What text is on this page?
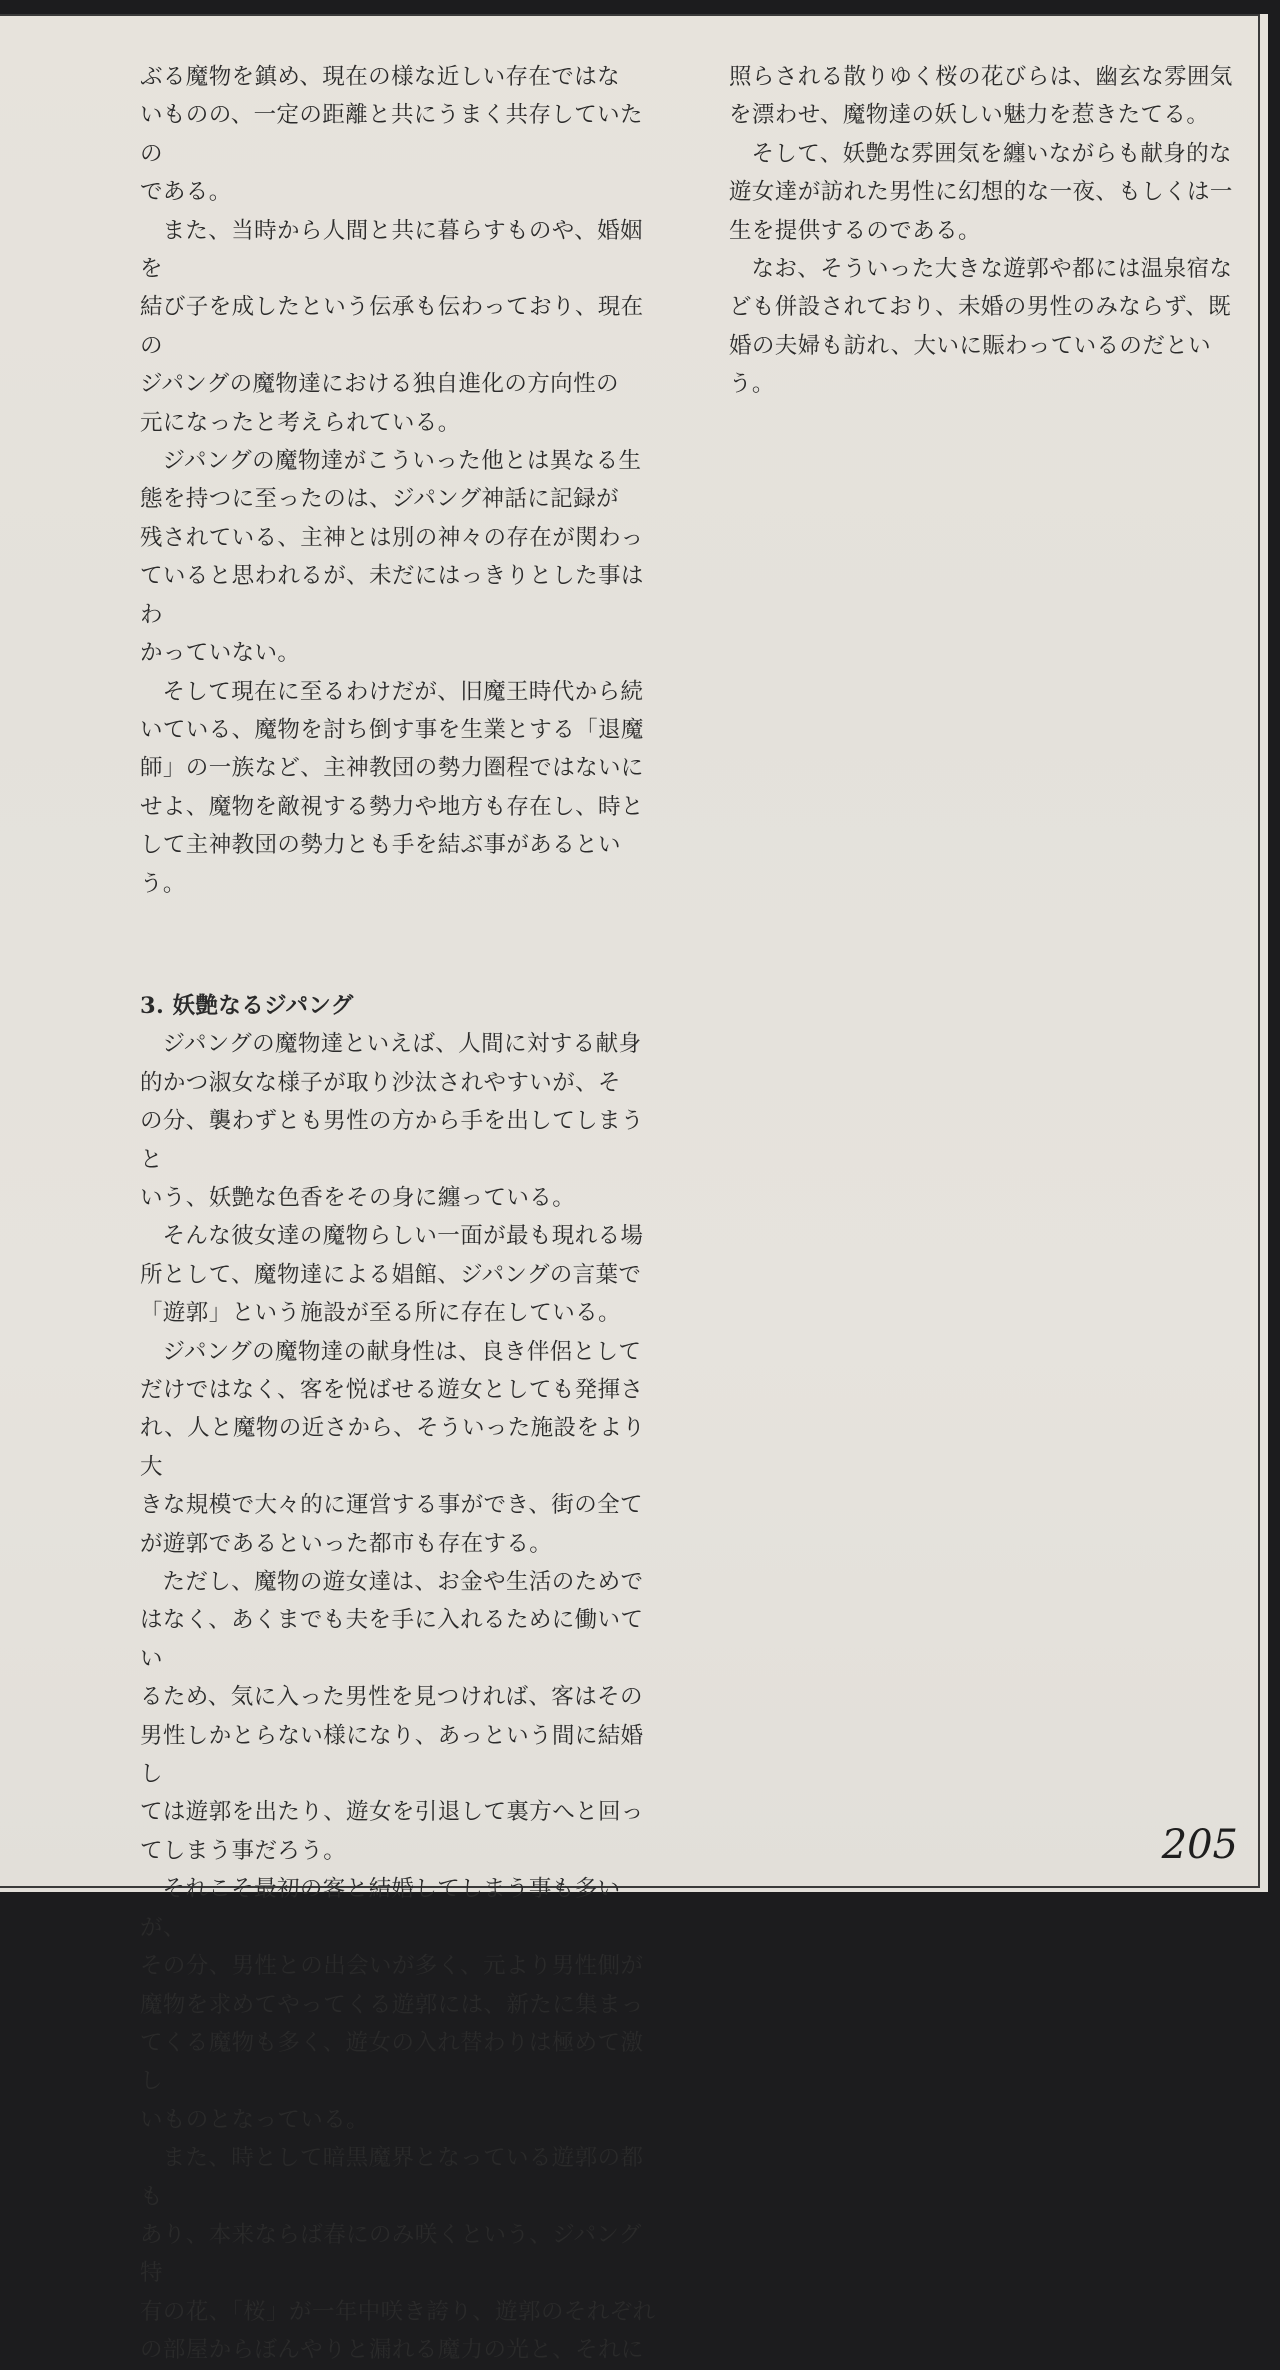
ぶる魔物を鎮め、現在の様な近しい存在ではな
いものの、一定の距離と共にうまく共存していたの
である。

また、当時から人間と共に暮らすものや、婚姻を
結び子を成したという伝承も伝わっており、現在の
ジパングの魔物達における独自進化の方向性の
元になったと考えられている。

ジパングの魔物達がこういった他とは異なる生
態を持つに至ったのは、ジパング神話に記録が
残されている、主神とは別の神々の存在が関わっ
ていると思われるが、未だにはっきりとした事はわ
かっていない。

そして現在に至るわけだが、旧魔王時代から続
いている、魔物を討ち倒す事を生業とする「退魔
師」の一族など、主神教団の勢力圏程ではないに
せよ、魔物を敵視する勢力や地方も存在し、時と
して主神教団の勢力とも手を結ぶ事があるという。

3. 妖艶なるジパング

ジパングの魔物達といえば、人間に対する献身
的かつ淑女な様子が取り沙汰されやすいが、そ
の分、襲わずとも男性の方から手を出してしまうと
いう、妖艶な色香をその身に纏っている。

そんな彼女達の魔物らしい一面が最も現れる場
所として、魔物達による娼館、ジパングの言葉で
「遊郭」という施設が至る所に存在している。

ジパングの魔物達の献身性は、良き伴侶として
だけではなく、客を悦ばせる遊女としても発揮さ
れ、人と魔物の近さから、そういった施設をより大
きな規模で大々的に運営する事ができ、街の全て
が遊郭であるといった都市も存在する。

ただし、魔物の遊女達は、お金や生活のためで
はなく、あくまでも夫を手に入れるために働いてい
るため、気に入った男性を見つければ、客はその
男性しかとらない様になり、あっという間に結婚し
ては遊郭を出たり、遊女を引退して裏方へと回っ
てしまう事だろう。

それこそ最初の客と結婚してしまう事も多いが、
その分、男性との出会いが多く、元より男性側が
魔物を求めてやってくる遊郭には、新たに集まっ
てくる魔物も多く、遊女の入れ替わりは極めて激し
いものとなっている。

また、時として暗黒魔界となっている遊郭の都も
あり、本来ならば春にのみ咲くという、ジパング特
有の花、「桜」が一年中咲き誇り、遊郭のそれぞれ
の部屋からぼんやりと漏れる魔力の光と、それに

照らされる散りゆく桜の花びらは、幽玄な雰囲気
を漂わせ、魔物達の妖しい魅力を惹きたてる。

そして、妖艶な雰囲気を纏いながらも献身的な
遊女達が訪れた男性に幻想的な一夜、もしくは一
生を提供するのである。

なお、そういった大きな遊郭や都には温泉宿な
ども併設されており、未婚の男性のみならず、既
婚の夫婦も訪れ、大いに賑わっているのだという。

205
